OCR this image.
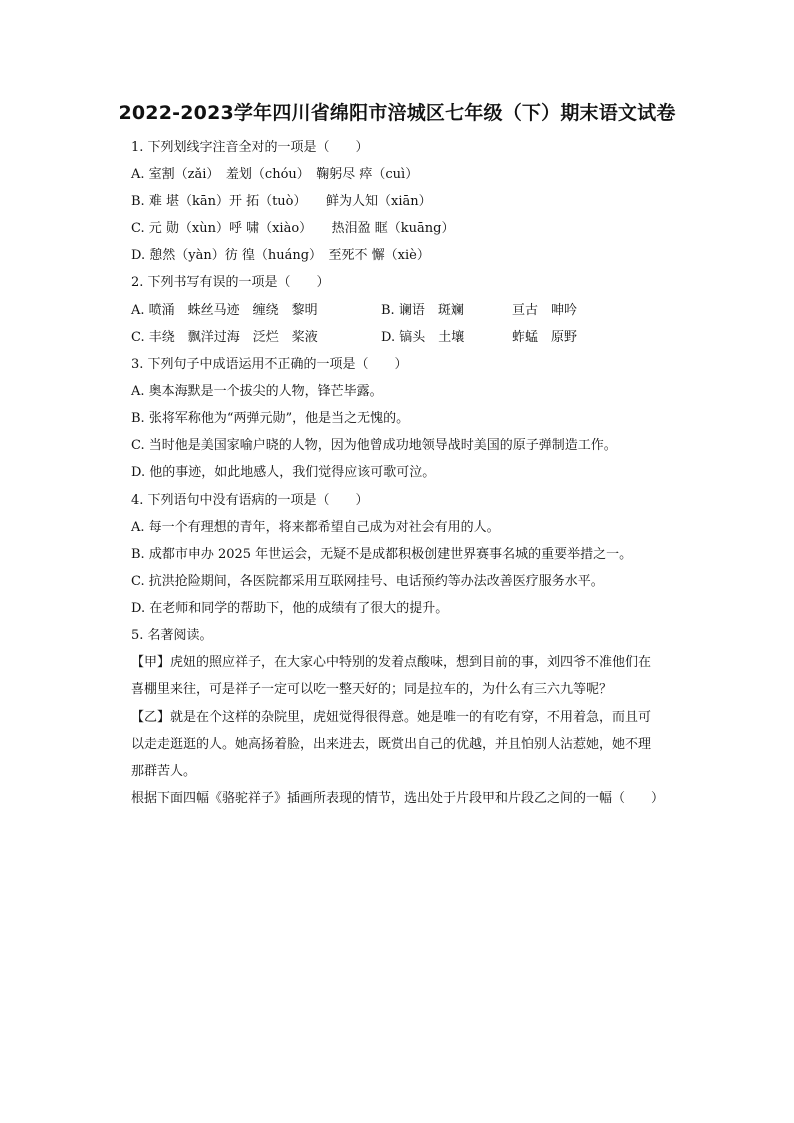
2022-2023学年四川省绵阳市涪城区七年级（下）期末语文试卷
1. 下列划线字注音全对的一项是（　　）
A. 室割（zǎi）　羞划（chóu）　鞠躬尽 瘁（cuì）
B. 难 堪（kān）开 拓（tuò）　　鲜为人知（xiān）
C. 元 勋（xùn）呼 啸（xiào）　　热泪盈 眶（kuāng）
D. 憩然（yàn）彷 徨（huáng）　至死不 懈（xiè）
2. 下列书写有误的一项是（　　）
A. 喷涌　蛛丝马迹　缠绕　黎明	B. 谰语　斑斓	亘古　呻吟
C. 丰绕　飘洋过海　泛烂　桨液	D. 镐头　土壤	蚱蜢　原野
3. 下列句子中成语运用不正确的一项是（　　）
A. 奥本海默是一个拔尖的人物，锋芒毕露。
B. 张将军称他为“两弹元勋”，他是当之无愧的。
C. 当时他是美国家喻户晓的人物，因为他曾成功地领导战时美国的原子弹制造工作。
D. 他的事迹，如此地感人，我们觉得应该可歌可泣。
4. 下列语句中没有语病的一项是（　　）
A. 每一个有理想的青年，将来都希望自己成为对社会有用的人。
B. 成都市申办 2025 年世运会，无疑不是成都积极创建世界赛事名城的重要举措之一。
C. 抗洪抢险期间，各医院都采用互联网挂号、电话预约等办法改善医疗服务水平。
D. 在老师和同学的帮助下，他的成绩有了很大的提升。
5. 名著阅读。
【甲】虎妞的照应祥子，在大家心中特别的发着点酸味，想到目前的事，刘四爷不准他们在
喜棚里来往，可是祥子一定可以吃一整天好的；同是拉车的，为什么有三六九等呢？
【乙】就是在个这样的杂院里，虎妞觉得很得意。她是唯一的有吃有穿，不用着急，而且可
以走走逛逛的人。她高扬着脸，出来进去，既赏出自己的优越，并且怕别人沾惹她，她不理
那群苦人。
根据下面四幅《骆驼祥子》插画所表现的情节，选出处于片段甲和片段乙之间的一幅（　　）
